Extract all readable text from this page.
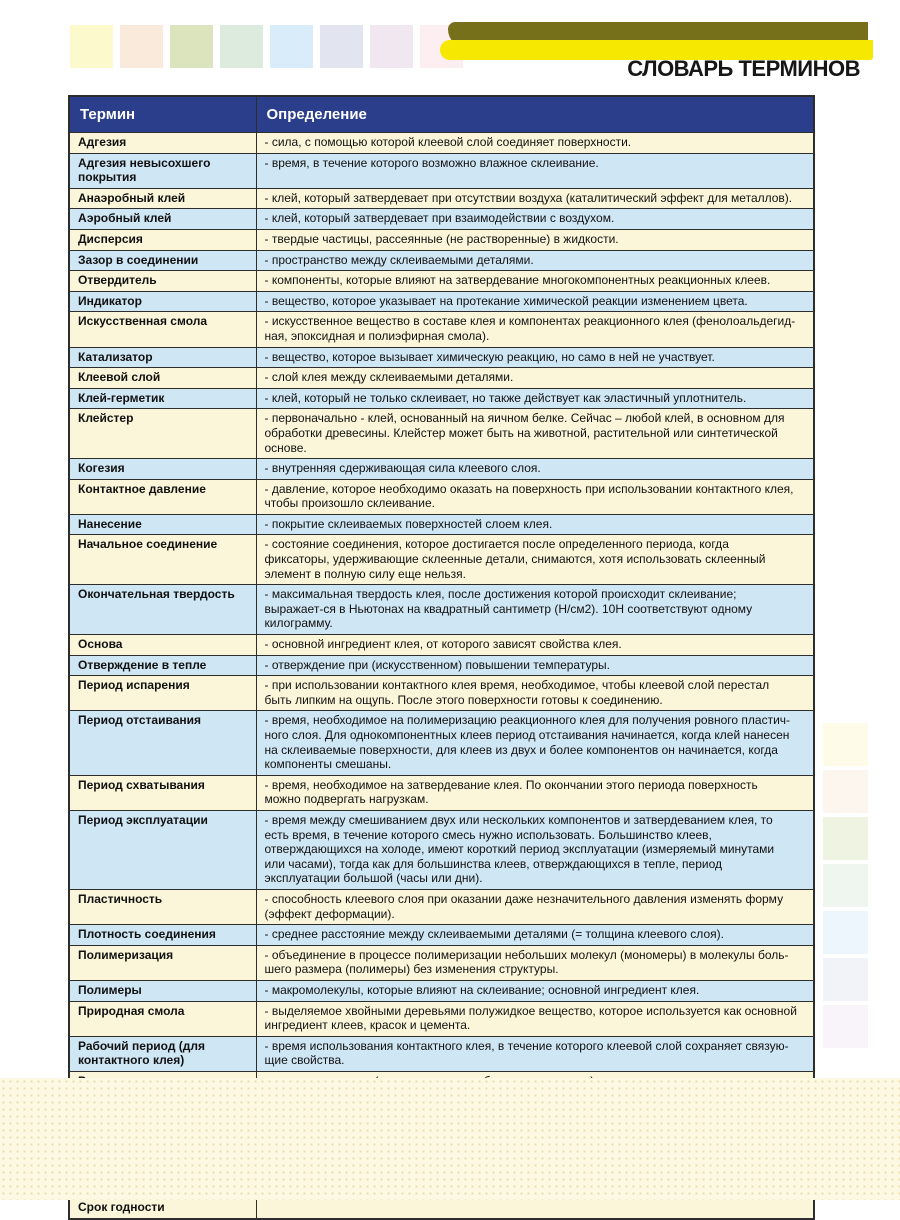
СЛОВАРЬ ТЕРМИНОВ
Термин	Определение
Адгезия	- сила, с помощью которой клеевой слой соединяет поверхности.
Адгезия невысохшего покрытия	- время, в течение которого возможно влажное склеивание.
Анаэробный клей	- клей, который затвердевает при отсутствии воздуха (каталитический эффект для металлов).
Аэробный клей	- клей, который затвердевает при взаимодействии с воздухом.
Дисперсия	- твердые частицы, рассеянные (не растворенные) в жидкости.
Зазор в соединении	- пространство между склеиваемыми деталями.
Отвердитель	- компоненты, которые влияют на затвердевание многокомпонентных реакционных клеев.
Индикатор	- вещество, которое указывает на протекание химической реакции изменением цвета.
Искусственная смола	- искусственное вещество в составе клея и компонентах реакционного клея (фенолоальдегид-ная, эпоксидная и полиэфирная смола).
Катализатор	- вещество, которое вызывает химическую реакцию, но само в ней не участвует.
Клеевой слой	- слой клея между склеиваемыми деталями.
Клей-герметик	- клей, который не только склеивает, но также действует как эластичный уплотнитель.
Клейстер	- первоначально - клей, основанный на яичном белке. Сейчас – любой клей, в основном для обработки древесины. Клейстер может быть на животной, растительной или синтетической основе.
Когезия	- внутренняя сдерживающая сила клеевого слоя.
Контактное давление	- давление, которое необходимо оказать на поверхность при использовании контактного клея, чтобы произошло склеивание.
Нанесение	- покрытие склеиваемых поверхностей слоем клея.
Начальное соединение	- состояние соединения, которое достигается после определенного периода, когда фиксаторы, удерживающие склеенные детали, снимаются, хотя использовать склеенный элемент в полную силу еще нельзя.
Окончательная твердость	- максимальная твердость клея, после достижения которой происходит склеивание; выражает-ся в Ньютонах на квадратный сантиметр (Н/см2). 10Н соответствуют одному килограмму.
Основа	- основной ингредиент клея, от которого зависят свойства клея.
Отверждение в тепле	- отверждение при (искусственном) повышении температуры.
Период испарения	- при использовании контактного клея время, необходимое, чтобы клеевой слой перестал быть липким на ощупь. После этого поверхности готовы к соединению.
Период отстаивания	- время, необходимое на полимеризацию реакционного клея для получения ровного пластич-ного слоя. Для однокомпонентных клеев период отстаивания начинается, когда клей нанесен на склеиваемые поверхности, для клеев из двух и более компонентов он начинается, когда компоненты смешаны.
Период схватывания	- время, необходимое на затвердевание клея. По окончании этого периода поверхность можно подвергать нагрузкам.
Период эксплуатации	- время между смешиванием двух или нескольких компонентов и затвердеванием клея, то есть время, в течение которого смесь нужно использовать. Большинство клеев, отверждающихся на холоде, имеют короткий период эксплуатации (измеряемый минутами или часами), тогда как для большинства клеев, отверждающихся в тепле, период эксплуатации большой (часы или дни).
Пластичность	- способность клеевого слоя при оказании даже незначительного давления изменять форму (эффект деформации).
Плотность соединения	- среднее расстояние между склеиваемыми деталями (= толщина клеевого слоя).
Полимеризация	- объединение в процессе полимеризации небольших молекул (мономеры) в молекулы боль-шего размера (полимеры) без изменения структуры.
Полимеры	- макромолекулы, которые влияют на склеивание; основной ингредиент клея.
Природная смола	- выделяемое хвойными деревьями полужидкое вещество, которое используется как основной ингредиент клеев, красок и цемента.
Рабочий период (для контактного клея)	- время использования контактного клея, в течение которого клеевой слой сохраняет связую-щие свойства.

Срок годности	
